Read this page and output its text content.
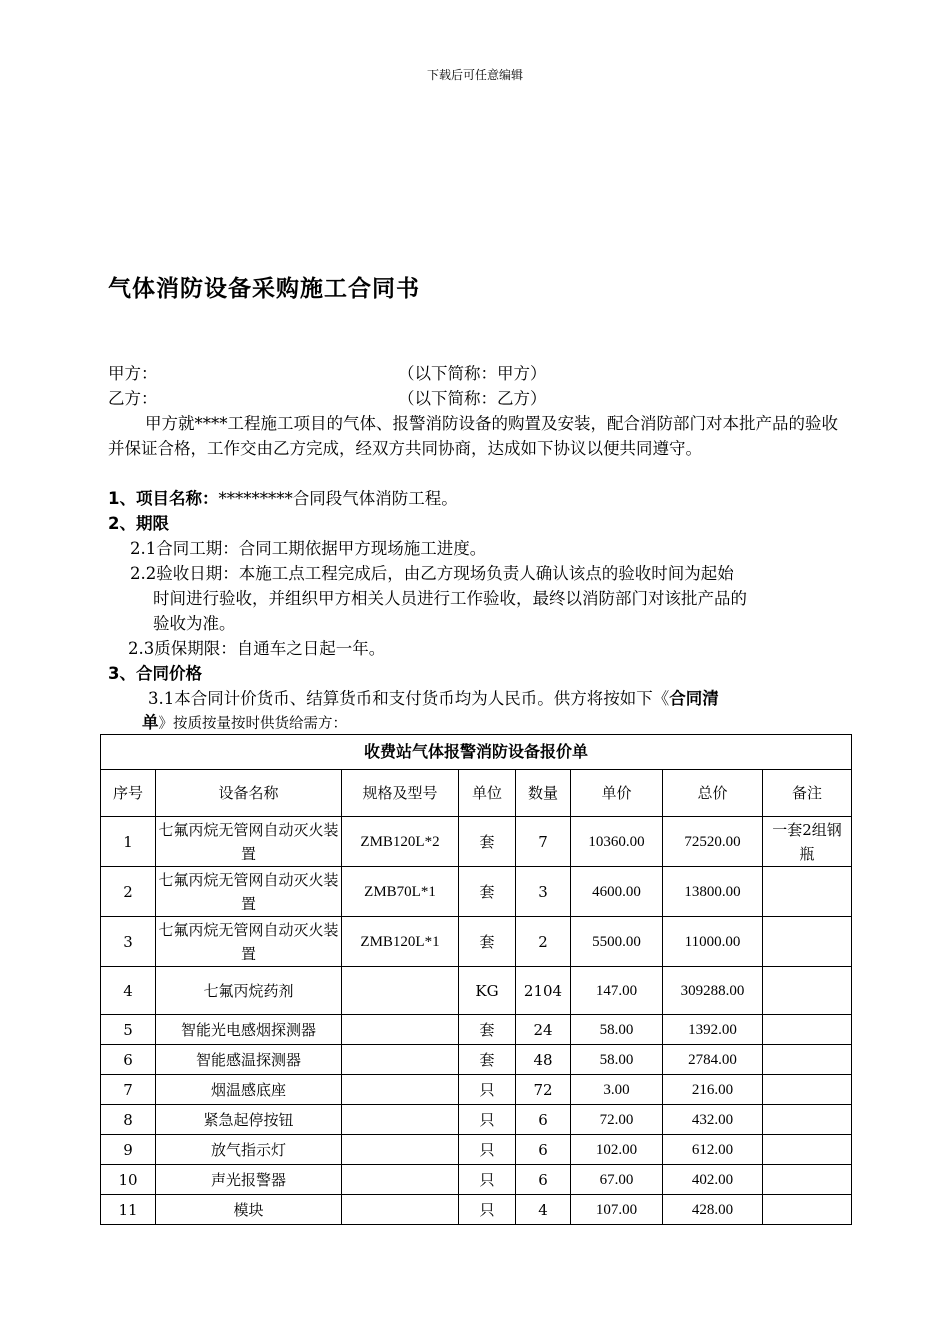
下载后可任意编辑
气体消防设备采购施工合同书
甲方：	（以下简称：甲方）
乙方：	（以下简称：乙方）
甲方就****工程施工项目的气体、报警消防设备的购置及安装，配合消防部门对本批产品的验收并保证合格，工作交由乙方完成，经双方共同协商，达成如下协议以便共同遵守。
1、项目名称：*********合同段气体消防工程。
2、期限
2.1合同工期：合同工期依据甲方现场施工进度。
2.2验收日期：本施工点工程完成后，由乙方现场负责人确认该点的验收时间为起始
时间进行验收，并组织甲方相关人员进行工作验收，最终以消防部门对该批产品的
验收为准。
2.3质保期限：自通车之日起一年。
3、合同价格
3.1本合同计价货币、结算货币和支付货币均为人民币。供方将按如下《合同清
单》按质按量按时供货给需方：
收费站气体报警消防设备报价单							
序号	设备名称	规格及型号	单位	数量	单价	总价	备注
1	七氟丙烷无管网自动灭火装置	ZMB120L*2	套	7	10360.00	72520.00	一套2组钢瓶
2	七氟丙烷无管网自动灭火装置	ZMB70L*1	套	3	4600.00	13800.00	
3	七氟丙烷无管网自动灭火装置	ZMB120L*1	套	2	5500.00	11000.00	
4	七氟丙烷药剂		KG	2104	147.00	309288.00	
5	智能光电感烟探测器		套	24	58.00	1392.00	
6	智能感温探测器		套	48	58.00	2784.00	
7	烟温感底座		只	72	3.00	216.00	
8	紧急起停按钮		只	6	72.00	432.00	
9	放气指示灯		只	6	102.00	612.00	
10	声光报警器		只	6	67.00	402.00	
11	模块		只	4	107.00	428.00	
